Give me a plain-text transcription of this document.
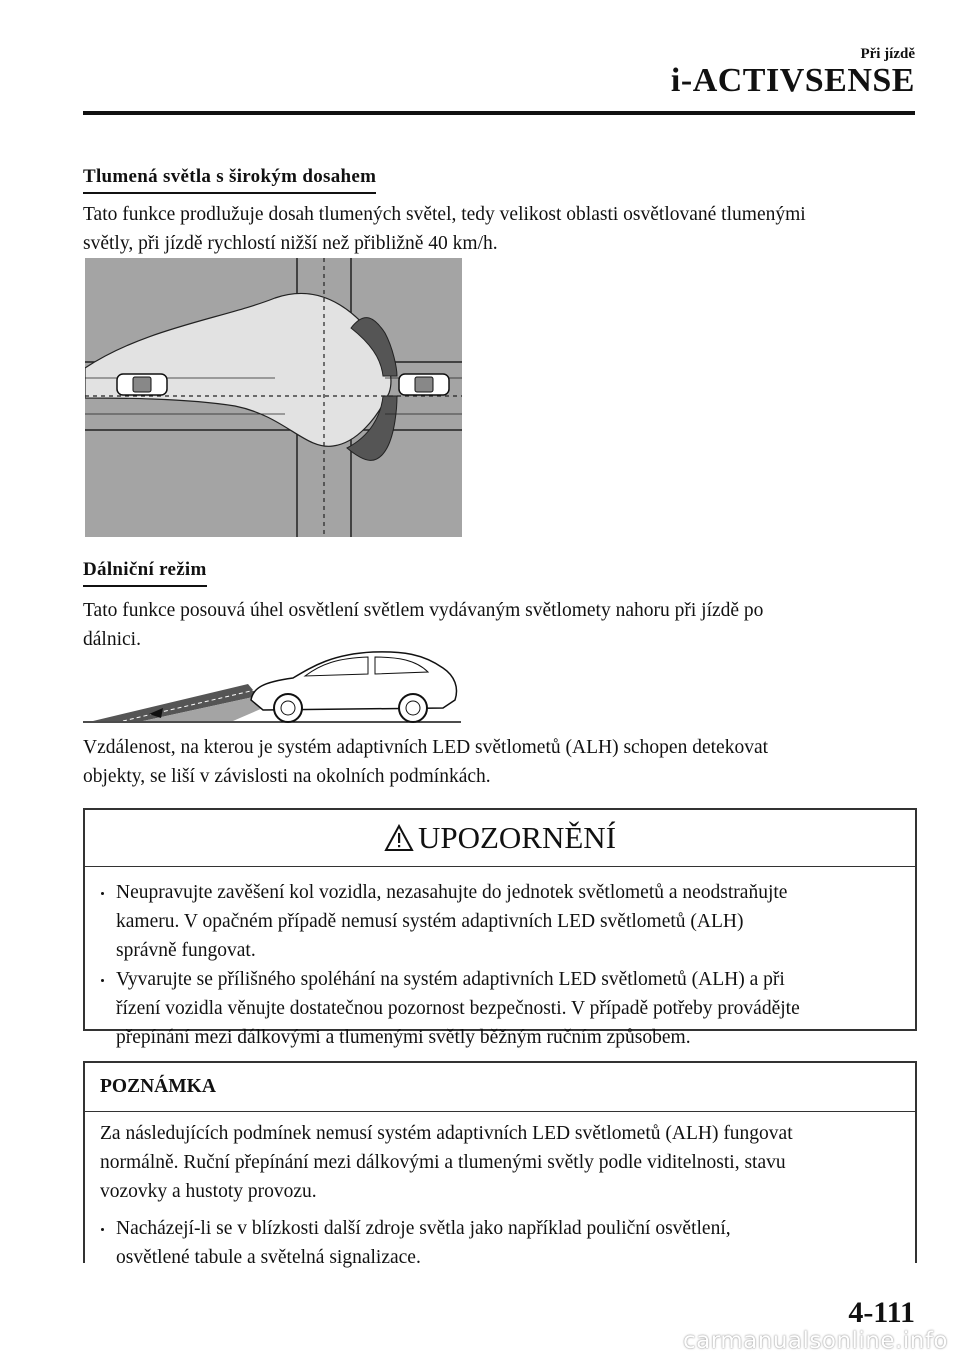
Při jízdě
i-ACTIVSENSE
Tlumená světla s širokým dosahem
Tato funkce prodlužuje dosah tlumených světel, tedy velikost oblasti osvětlované tlumenými
světly, při jízdě rychlostí nižší než přibližně 40 km/h.
Dálniční režim
Tato funkce posouvá úhel osvětlení světlem vydávaným světlomety nahoru při jízdě po
dálnici.
Vzdálenost, na kterou je systém adaptivních LED světlometů (ALH) schopen detekovat
objekty, se liší v závislosti na okolních podmínkách.
UPOZORNĚNÍ
Neupravujte zavěšení kol vozidla, nezasahujte do jednotek světlometů a neodstraňujte
kameru. V opačném případě nemusí systém adaptivních LED světlometů (ALH)
správně fungovat.
Vyvarujte se přílišného spoléhání na systém adaptivních LED světlometů (ALH) a při
řízení vozidla věnujte dostatečnou pozornost bezpečnosti. V případě potřeby provádějte
přepínání mezi dálkovými a tlumenými světly běžným ručním způsobem.
POZNÁMKA
Za následujících podmínek nemusí systém adaptivních LED světlometů (ALH) fungovat
normálně. Ruční přepínání mezi dálkovými a tlumenými světly podle viditelnosti, stavu
vozovky a hustoty provozu.
Nacházejí-li se v blízkosti další zdroje světla jako například pouliční osvětlení,
osvětlené tabule a světelná signalizace.
4-111
carmanualsonline.info
